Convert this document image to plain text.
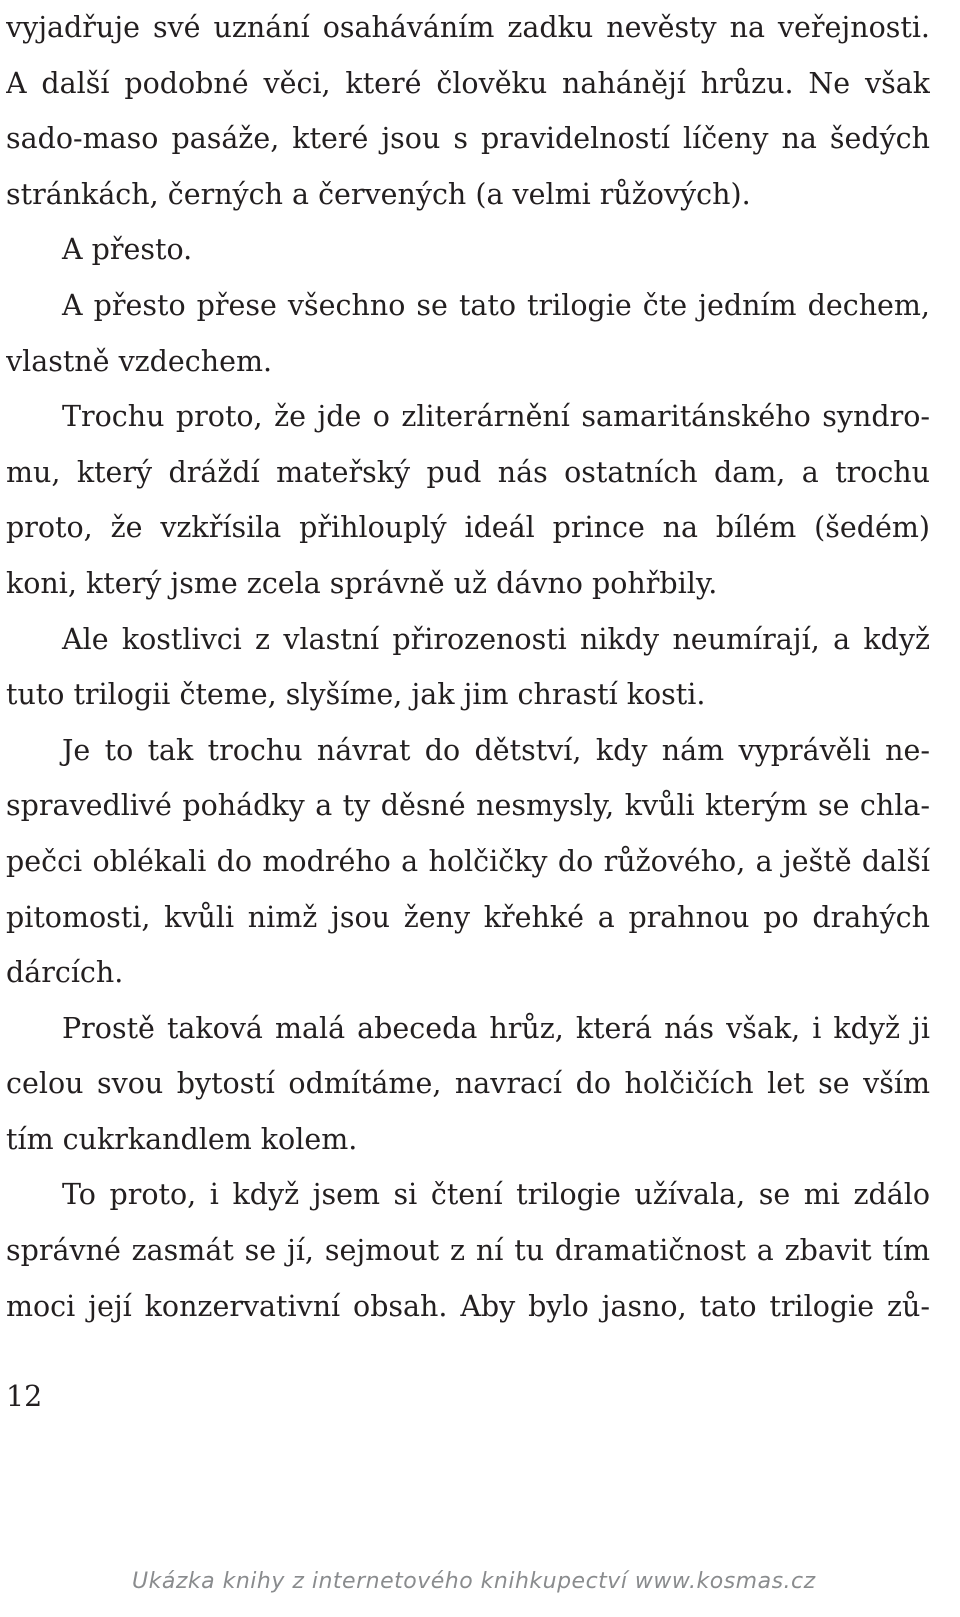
vyjadřuje své uznání osaháváním zadku nevěsty na veřejnosti.
A další podobné věci, které člověku nahánějí hrůzu. Ne však
sado-maso pasáže, které jsou s pravidelností líčeny na šedých
stránkách, černých a červených (a velmi růžových).
A přesto.
A přesto přese všechno se tato trilogie čte jedním dechem,
vlastně vzdechem.
Trochu proto, že jde o zliterárnění samaritánského syndro-
mu, který dráždí mateřský pud nás ostatních dam, a trochu
proto, že vzkřísila přihlouplý ideál prince na bílém (šedém)
koni, který jsme zcela správně už dávno pohřbily.
Ale kostlivci z vlastní přirozenosti nikdy neumírají, a když
tuto trilogii čteme, slyšíme, jak jim chrastí kosti.
Je to tak trochu návrat do dětství, kdy nám vyprávěli ne-
spravedlivé pohádky a ty děsné nesmysly, kvůli kterým se chla-
pečci oblékali do modrého a holčičky do růžového, a ještě další
pitomosti, kvůli nimž jsou ženy křehké a prahnou po drahých
dárcích.
Prostě taková malá abeceda hrůz, která nás však, i když ji
celou svou bytostí odmítáme, navrací do holčičích let se vším
tím cukrkandlem kolem.
To proto, i když jsem si čtení trilogie užívala, se mi zdálo
správné zasmát se jí, sejmout z ní tu dramatičnost a zbavit tím
moci její konzervativní obsah. Aby bylo jasno, tato trilogie zů-
12
Ukázka knihy z internetového knihkupectví www.kosmas.cz
